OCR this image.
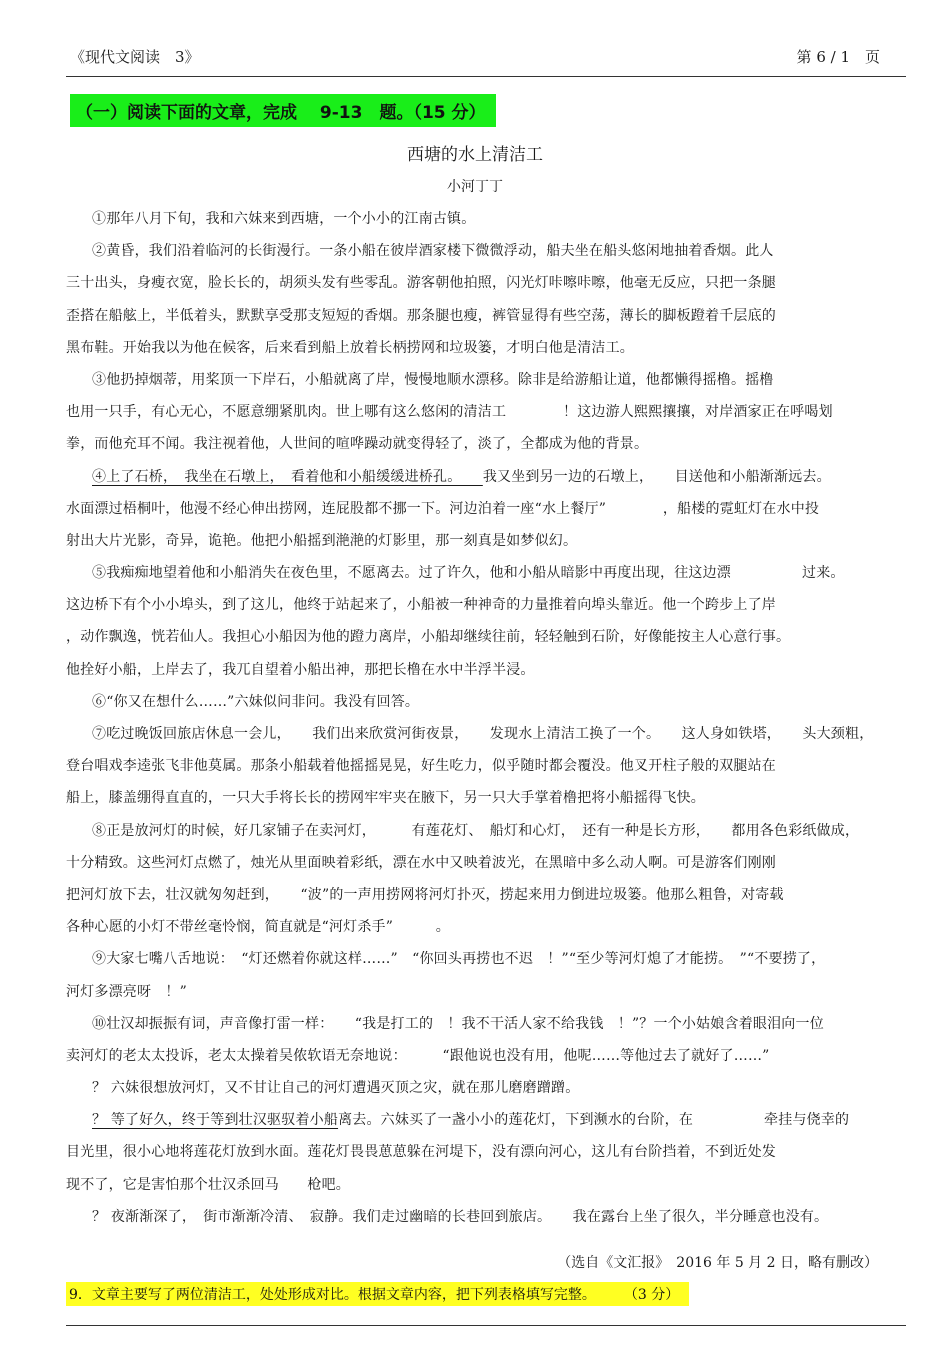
《现代文阅读　3》	第 6 / 1　页
（一）阅读下面的文章，完成　 9-13　题。（15 分）
西塘的水上清洁工
小河丁丁
①那年八月下旬，我和六妹来到西塘，一个小小的江南古镇。
②黄昏，我们沿着临河的长街漫行。一条小船在彼岸酒家楼下微微浮动，船夫坐在船头悠闲地抽着香烟。此人
三十出头，身瘦衣宽，脸长长的，胡须头发有些零乱。游客朝他拍照，闪光灯咔嚓咔嚓，他毫无反应，只把一条腿
歪搭在船舷上，半低着头，默默享受那支短短的香烟。那条腿也瘦，裤管显得有些空荡，薄长的脚板蹬着千层底的
黑布鞋。开始我以为他在候客，后来看到船上放着长柄捞网和垃圾篓，才明白他是清洁工。
③他扔掉烟蒂，用桨顶一下岸石，小船就离了岸，慢慢地顺水漂移。除非是给游船让道，他都懒得摇橹。摇橹
也用一只手，有心无心，不愿意绷紧肌肉。世上哪有这么悠闲的清洁工　　　　！这边游人熙熙攘攘，对岸酒家正在呼喝划
拳，而他充耳不闻。我注视着他，人世间的喧哗躁动就变得轻了，淡了，全都成为他的背景。
④上了石桥，　我坐在石墩上，　看着他和小船缓缓进桥孔。　　我又坐到另一边的石墩上，　　目送他和小船渐渐远去。
水面漂过梧桐叶，他漫不经心伸出捞网，连屁股都不挪一下。河边泊着一座“水上餐厅”　　　　，船楼的霓虹灯在水中投
射出大片光影，奇异，诡艳。他把小船摇到滟滟的灯影里，那一刻真是如梦似幻。
⑤我痴痴地望着他和小船消失在夜色里，不愿离去。过了许久，他和小船从暗影中再度出现，往这边漂　　　　　过来。
这边桥下有个小小埠头，到了这儿，他终于站起来了，小船被一种神奇的力量推着向埠头靠近。他一个跨步上了岸
，动作飘逸，恍若仙人。我担心小船因为他的蹬力离岸，小船却继续往前，轻轻触到石阶，好像能按主人心意行事。
他拴好小船，上岸去了，我兀自望着小船出神，那把长橹在水中半浮半浸。
⑥“你又在想什么……”六妹似问非问。我没有回答。
⑦吃过晚饭回旅店休息一会儿，　　我们出来欣赏河街夜景，　　发现水上清洁工换了一个。　　这人身如铁塔，　　头大颈粗，
登台唱戏李逵张飞非他莫属。那条小船载着他摇摇晃晃，好生吃力，似乎随时都会覆没。他叉开柱子般的双腿站在
船上，膝盖绷得直直的，一只大手将长长的捞网牢牢夹在腋下，另一只大手掌着橹把将小船摇得飞快。
⑧正是放河灯的时候，好几家铺子在卖河灯，　　　有莲花灯、　船灯和心灯，　还有一种是长方形，　　都用各色彩纸做成，
十分精致。这些河灯点燃了，烛光从里面映着彩纸，漂在水中又映着波光，在黑暗中多么动人啊。可是游客们刚刚
把河灯放下去，壮汉就匆匆赶到，　　“波”的一声用捞网将河灯扑灭，捞起来用力倒进垃圾篓。他那么粗鲁，对寄载
各种心愿的小灯不带丝毫怜悯，简直就是“河灯杀手”　　　。
⑨大家七嘴八舌地说：　“灯还燃着你就这样……”　“你回头再捞也不迟　！”“至少等河灯熄了才能捞。　”“不要捞了，
河灯多漂亮呀　！”
⑩壮汉却振振有词，声音像打雷一样：　　“我是打工的　！我不干活人家不给我钱　！”？一个小姑娘含着眼泪向一位
卖河灯的老太太投诉，老太太操着吴侬软语无奈地说：　　　“跟他说也没有用，他呢……等他过去了就好了……”
？ 六妹很想放河灯，又不甘让自己的河灯遭遇灭顶之灾，就在那儿磨磨蹭蹭。
？ 等了好久，终于等到壮汉驱驭着小船离去。六妹买了一盏小小的莲花灯，下到濒水的台阶，在　　　　　牵挂与侥幸的
目光里，很小心地将莲花灯放到水面。莲花灯畏畏葸葸躲在河堤下，没有漂向河心，这儿有台阶挡着，不到近处发
现不了，它是害怕那个壮汉杀回马　　枪吧。
？ 夜渐渐深了，　街市渐渐冷清、　寂静。我们走过幽暗的长巷回到旅店。　　我在露台上坐了很久，半分睡意也没有。
（选自《文汇报》　2016 年 5 月 2 日，略有删改）
9．文章主要写了两位清洁工，处处形成对比。根据文章内容，把下列表格填写完整。　　　（3 分）
